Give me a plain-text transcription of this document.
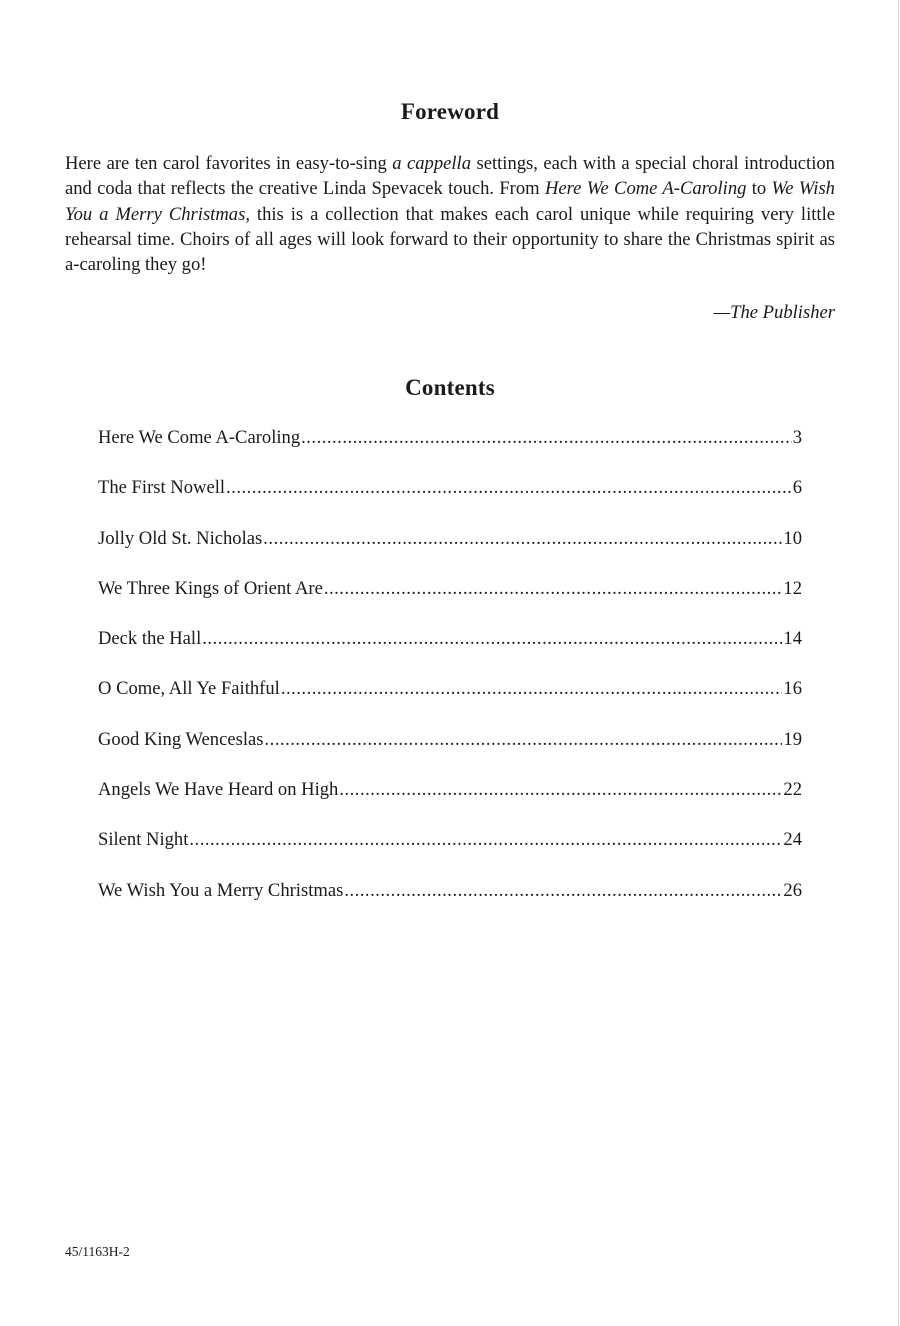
Foreword

Here are ten carol favorites in easy-to-sing a cappella settings, each with a special choral introduction and coda that reflects the creative Linda Spevacek touch. From Here We Come A-Caroling to We Wish You a Merry Christmas, this is a collection that makes each carol unique while requiring very little rehearsal time. Choirs of all ages will look forward to their opportunity to share the Christmas spirit as a-caroling they go!

—The Publisher

Contents
Here We Come A-Caroling .....	3
The First Nowell .....	6
Jolly Old St. Nicholas .....	10
We Three Kings of Orient Are .....	12
Deck the Hall .....	14
O Come, All Ye Faithful .....	16
Good King Wenceslas .....	19
Angels We Have Heard on High .....	22
Silent Night .....	24
We Wish You a Merry Christmas .....	26

45/1163H-2
